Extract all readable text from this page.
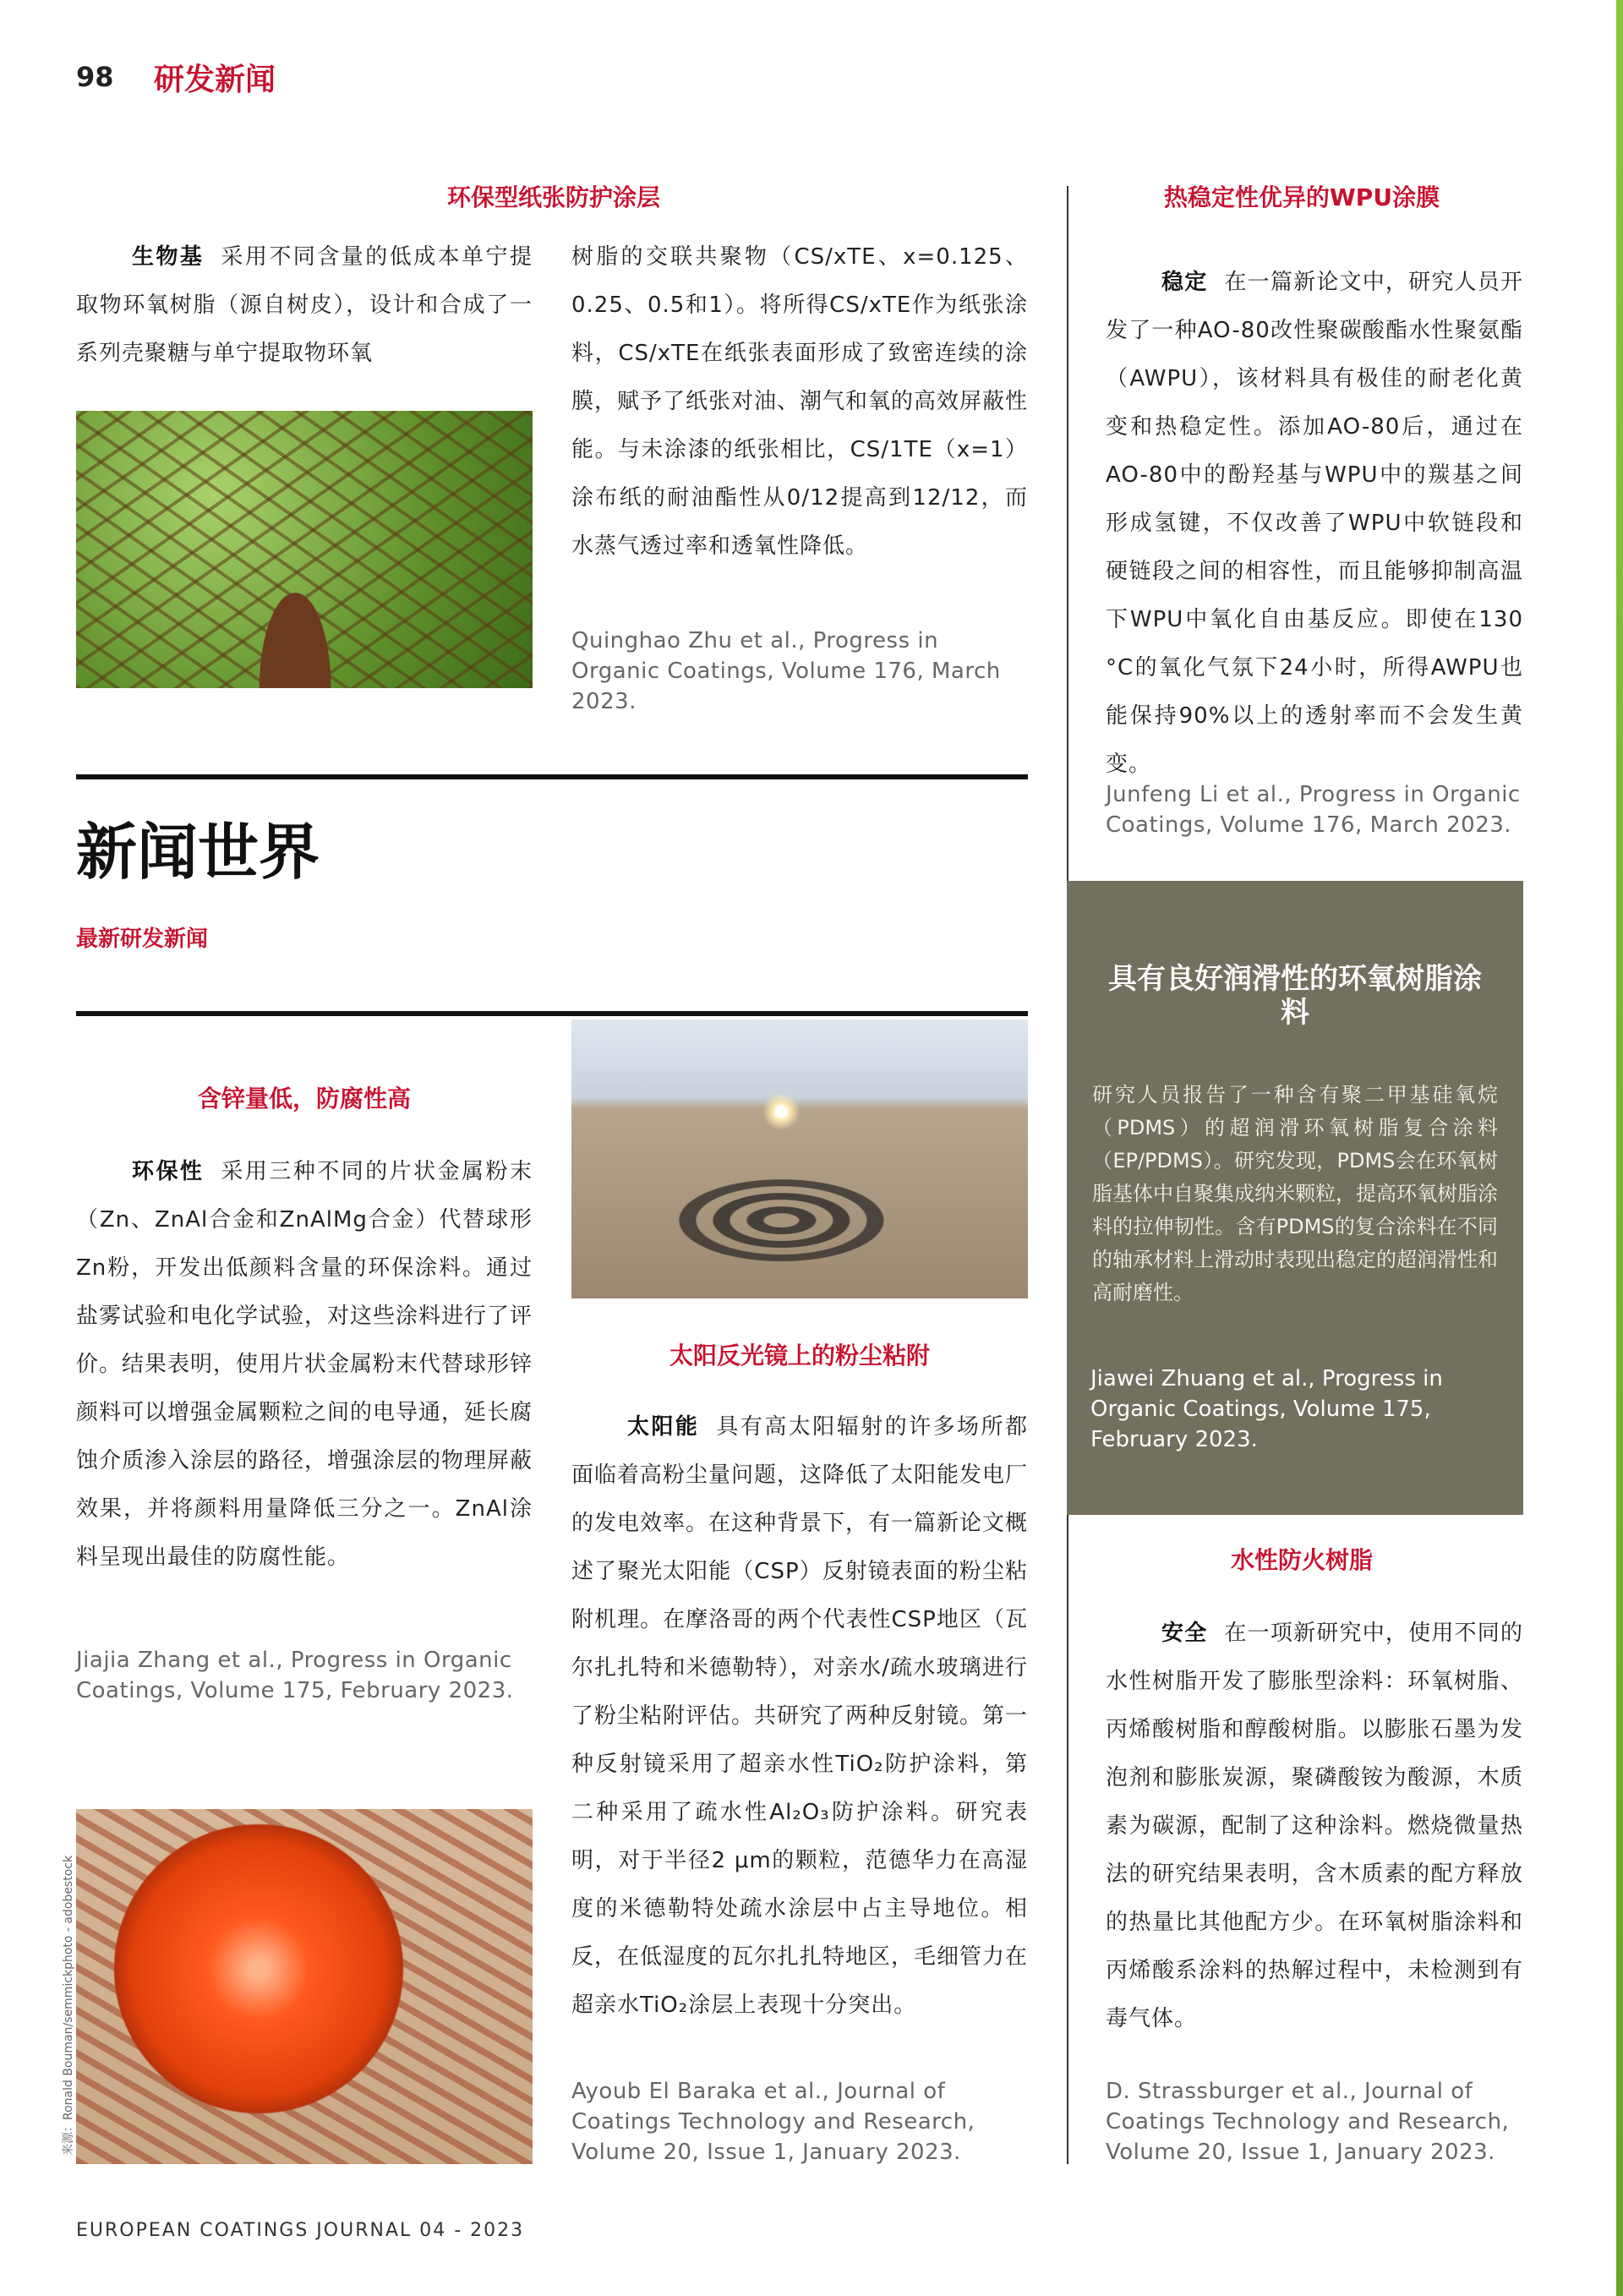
98 研发新闻
环保型纸张防护涂层
生物基 采用不同含量的低成本单宁提取物环氧树脂（源自树皮），设计和合成了一系列壳聚糖与单宁提取物环氧
树脂的交联共聚物（CS/xTE、x=0.125、0.25、0.5和1）。将所得CS/xTE作为纸张涂料，CS/xTE在纸张表面形成了致密连续的涂膜，赋予了纸张对油、潮气和氧的高效屏蔽性能。与未涂漆的纸张相比，CS/1TE（x=1）涂布纸的耐油酯性从0/12提高到12/12，而水蒸气透过率和透氧性降低。
Quinghao Zhu et al., Progress in Organic Coatings, Volume 176, March 2023.
热稳定性优异的WPU涂膜
稳定 在一篇新论文中，研究人员开发了一种AO-80改性聚碳酸酯水性聚氨酯（AWPU），该材料具有极佳的耐老化黄变和热稳定性。添加AO-80后，通过在AO-80中的酚羟基与WPU中的羰基之间形成氢键，不仅改善了WPU中软链段和硬链段之间的相容性，而且能够抑制高温下WPU中氧化自由基反应。即使在130 °C的氧化气氛下24小时，所得AWPU也能保持90%以上的透射率而不会发生黄变。
Junfeng Li et al., Progress in Organic Coatings, Volume 176, March 2023.
新闻世界
最新研发新闻
含锌量低，防腐性高
环保性 采用三种不同的片状金属粉末（Zn、ZnAl合金和ZnAlMg合金）代替球形Zn粉，开发出低颜料含量的环保涂料。通过盐雾试验和电化学试验，对这些涂料进行了评价。结果表明，使用片状金属粉末代替球形锌颜料可以增强金属颗粒之间的电导通，延长腐蚀介质渗入涂层的路径，增强涂层的物理屏蔽效果，并将颜料用量降低三分之一。ZnAl涂料呈现出最佳的防腐性能。
Jiajia Zhang et al., Progress in Organic Coatings, Volume 175, February 2023.
来源：Ronald Bouman/semmickphoto - adobestock
太阳反光镜上的粉尘粘附
太阳能 具有高太阳辐射的许多场所都面临着高粉尘量问题，这降低了太阳能发电厂的发电效率。在这种背景下，有一篇新论文概述了聚光太阳能（CSP）反射镜表面的粉尘粘附机理。在摩洛哥的两个代表性CSP地区（瓦尔扎扎特和米德勒特），对亲水/疏水玻璃进行了粉尘粘附评估。共研究了两种反射镜。第一种反射镜采用了超亲水性TiO₂防护涂料，第二种采用了疏水性Al₂O₃防护涂料。研究表明，对于半径2 μm的颗粒，范德华力在高湿度的米德勒特处疏水涂层中占主导地位。相反，在低湿度的瓦尔扎扎特地区，毛细管力在超亲水TiO₂涂层上表现十分突出。
Ayoub El Baraka et al., Journal of Coatings Technology and Research, Volume 20, Issue 1, January 2023.
具有良好润滑性的环氧树脂涂料
研究人员报告了一种含有聚二甲基硅氧烷（PDMS）的超润滑环氧树脂复合涂料（EP/PDMS）。研究发现，PDMS会在环氧树脂基体中自聚集成纳米颗粒，提高环氧树脂涂料的拉伸韧性。含有PDMS的复合涂料在不同的轴承材料上滑动时表现出稳定的超润滑性和高耐磨性。
Jiawei Zhuang et al., Progress in Organic Coatings, Volume 175, February 2023.
水性防火树脂
安全 在一项新研究中，使用不同的水性树脂开发了膨胀型涂料：环氧树脂、丙烯酸树脂和醇酸树脂。以膨胀石墨为发泡剂和膨胀炭源，聚磷酸铵为酸源，木质素为碳源，配制了这种涂料。燃烧微量热法的研究结果表明，含木质素的配方释放的热量比其他配方少。在环氧树脂涂料和丙烯酸系涂料的热解过程中，未检测到有毒气体。
D. Strassburger et al., Journal of Coatings Technology and Research, Volume 20, Issue 1, January 2023.
EUROPEAN COATINGS JOURNAL 04 - 2023
